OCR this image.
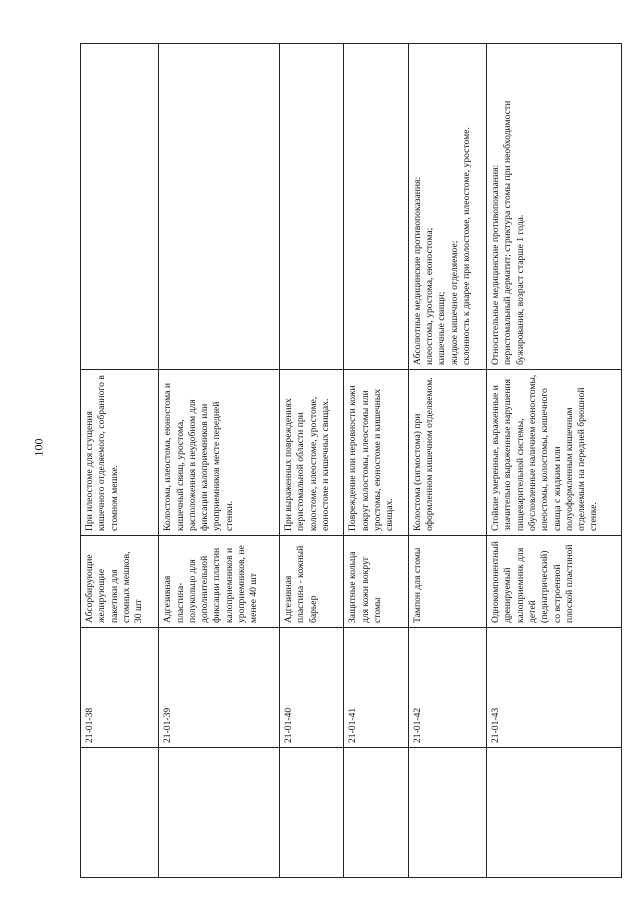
100
	21-01-38	Абсорбирующие желирующие пакетики для стомных мешков, 30 шт	При илеостоме для сгущения кишечного отделяемого, собранного в стомном мешке.	
	21-01-39	Адгезивная пластина-полукольцо для дополнительной фиксации пластин калоприемников и уроприемников, не менее 40 шт	Колостома, илеостома, еюностома и кишечный свищ, уростома, расположенная в неудобном для фиксации калоприемников или уроприемников месте передней стенки.	
	21-01-40	Адгезивная пластина - кожный барьер	При выраженных повреждениях перистомальной области при колостоме, илеостоме, уростоме, еюностоме и кишечных свищах.	
	21-01-41	Защитные кольца для кожи вокруг стомы	Повреждение или неровности кожи вокруг колостомы, илеостомы или уростомы, еюностоме и кишечных свищах.	
	21-01-42	Тампон для стомы	Колостома (сигмостома) при оформленном кишечном отделяемом.	Абсолютные медицинские противопоказания: илеостома, уростома, еюностома; кишечные свищи; жидкое кишечное отделяемое; склонность к диарее при колостоме, илеостоме, уростоме.

	21-01-43	Однокомпонентный дренируемый калоприемник для детей (педиатрический) со встроенной плоской пластиной	Стойкие умеренные, выраженные и значительно выраженные нарушения пищеварительной системы, обусловленные наличием еюностомы, илеостомы, колостомы, кишечного свища с жидким или полуоформленным кишечным отделяемым на передней брюшной стенке.	Относительные медицинские противопоказания: перистомальный дерматит; стриктура стомы при необходимости бужирования, возраст старше 1 года.
